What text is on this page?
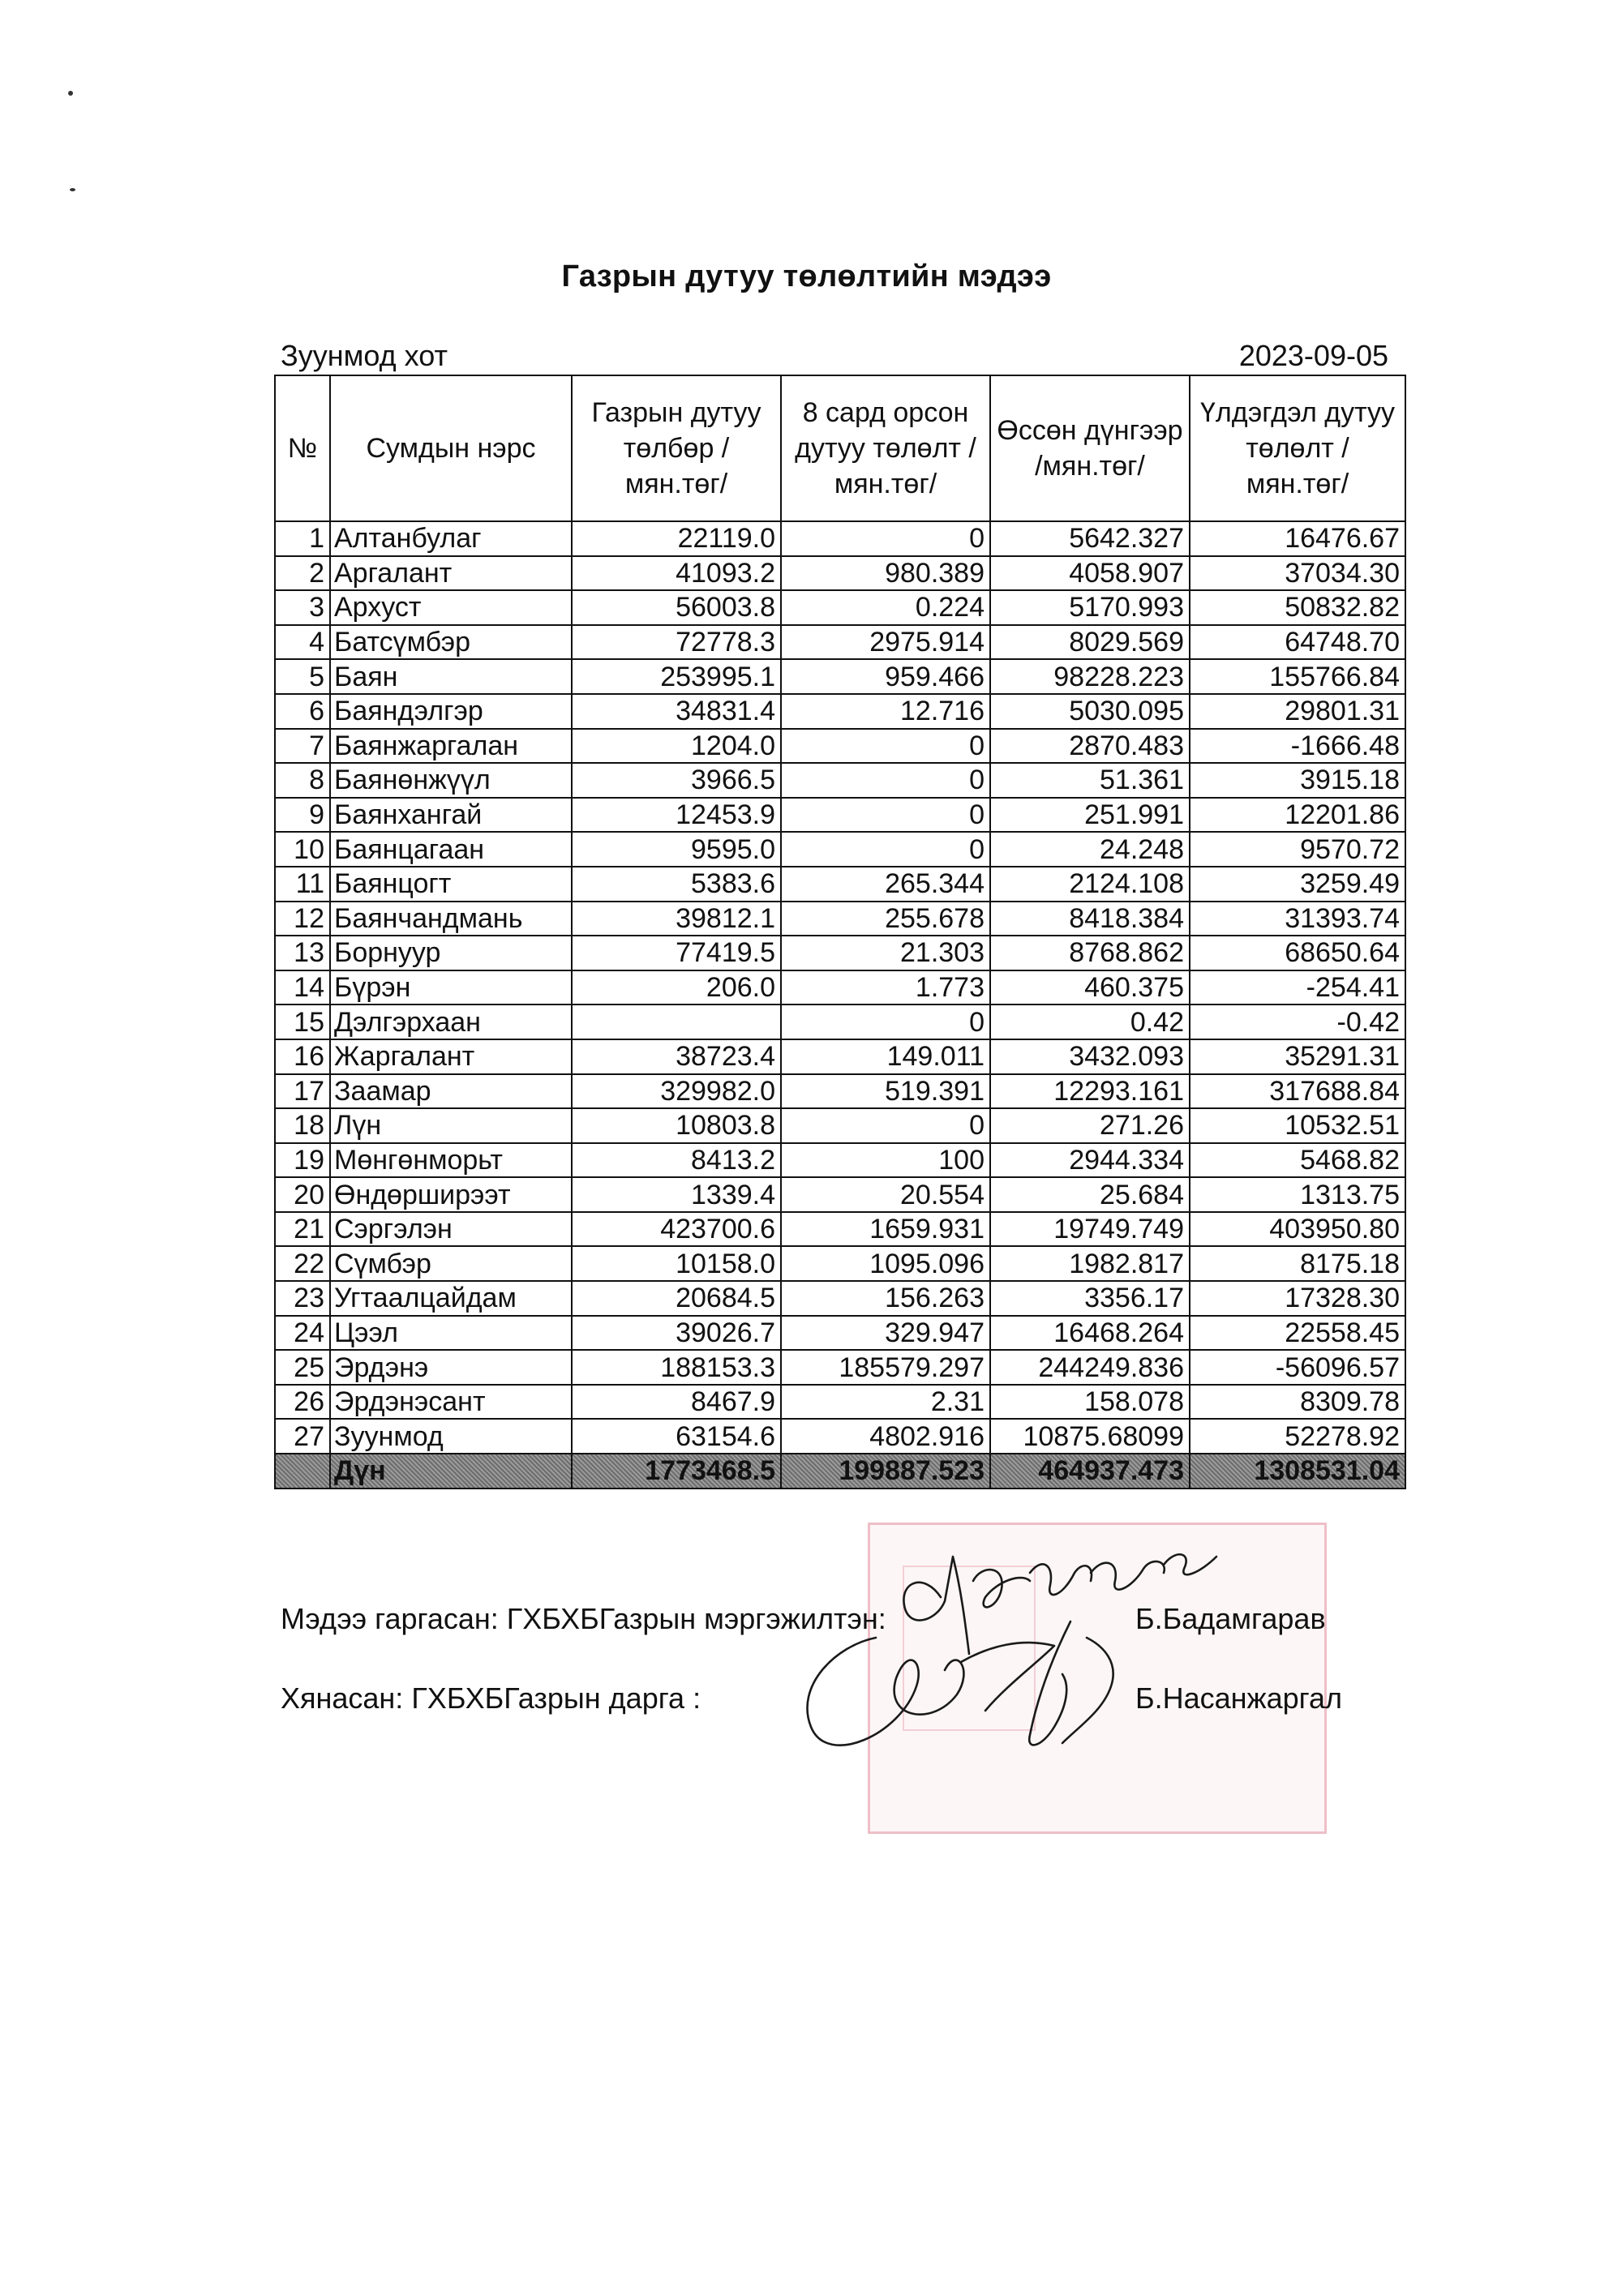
Газрын дутуу төлөлтийн мэдээ
Зуунмод хот	2023-09-05
№	Сумдын нэрс	Газрын дутуу төлбөр /мян.төг/	8 сард орсон дутуу төлөлт /мян.төг/	Өссөн дүнгээр /мян.төг/	Үлдэгдэл дутуу төлөлт /мян.төг/
1	Алтанбулаг	22119.0	0	5642.327	16476.67
2	Аргалант	41093.2	980.389	4058.907	37034.30
3	Архуст	56003.8	0.224	5170.993	50832.82
4	Батсүмбэр	72778.3	2975.914	8029.569	64748.70
5	Баян	253995.1	959.466	98228.223	155766.84
6	Баяндэлгэр	34831.4	12.716	5030.095	29801.31
7	Баянжаргалан	1204.0	0	2870.483	-1666.48
8	Баянөнжүүл	3966.5	0	51.361	3915.18
9	Баянхангай	12453.9	0	251.991	12201.86
10	Баянцагаан	9595.0	0	24.248	9570.72
11	Баянцогт	5383.6	265.344	2124.108	3259.49
12	Баянчандмань	39812.1	255.678	8418.384	31393.74
13	Борнуур	77419.5	21.303	8768.862	68650.64
14	Бүрэн	206.0	1.773	460.375	-254.41
15	Дэлгэрхаан		0	0.42	-0.42
16	Жаргалант	38723.4	149.011	3432.093	35291.31
17	Заамар	329982.0	519.391	12293.161	317688.84
18	Лүн	10803.8	0	271.26	10532.51
19	Мөнгөнморьт	8413.2	100	2944.334	5468.82
20	Өндөрширээт	1339.4	20.554	25.684	1313.75
21	Сэргэлэн	423700.6	1659.931	19749.749	403950.80
22	Сүмбэр	10158.0	1095.096	1982.817	8175.18
23	Угтаалцайдам	20684.5	156.263	3356.17	17328.30
24	Цээл	39026.7	329.947	16468.264	22558.45
25	Эрдэнэ	188153.3	185579.297	244249.836	-56096.57
26	Эрдэнэсант	8467.9	2.31	158.078	8309.78
27	Зуунмод	63154.6	4802.916	10875.68099	52278.92
	Дүн	1773468.5	199887.523	464937.473	1308531.04
Мэдээ гаргасан: ГХБХБГазрын мэргэжилтэн:	Б.Бадамгарав
Хянасан: ГХБХБГазрын дарга :	Б.Насанжаргал
